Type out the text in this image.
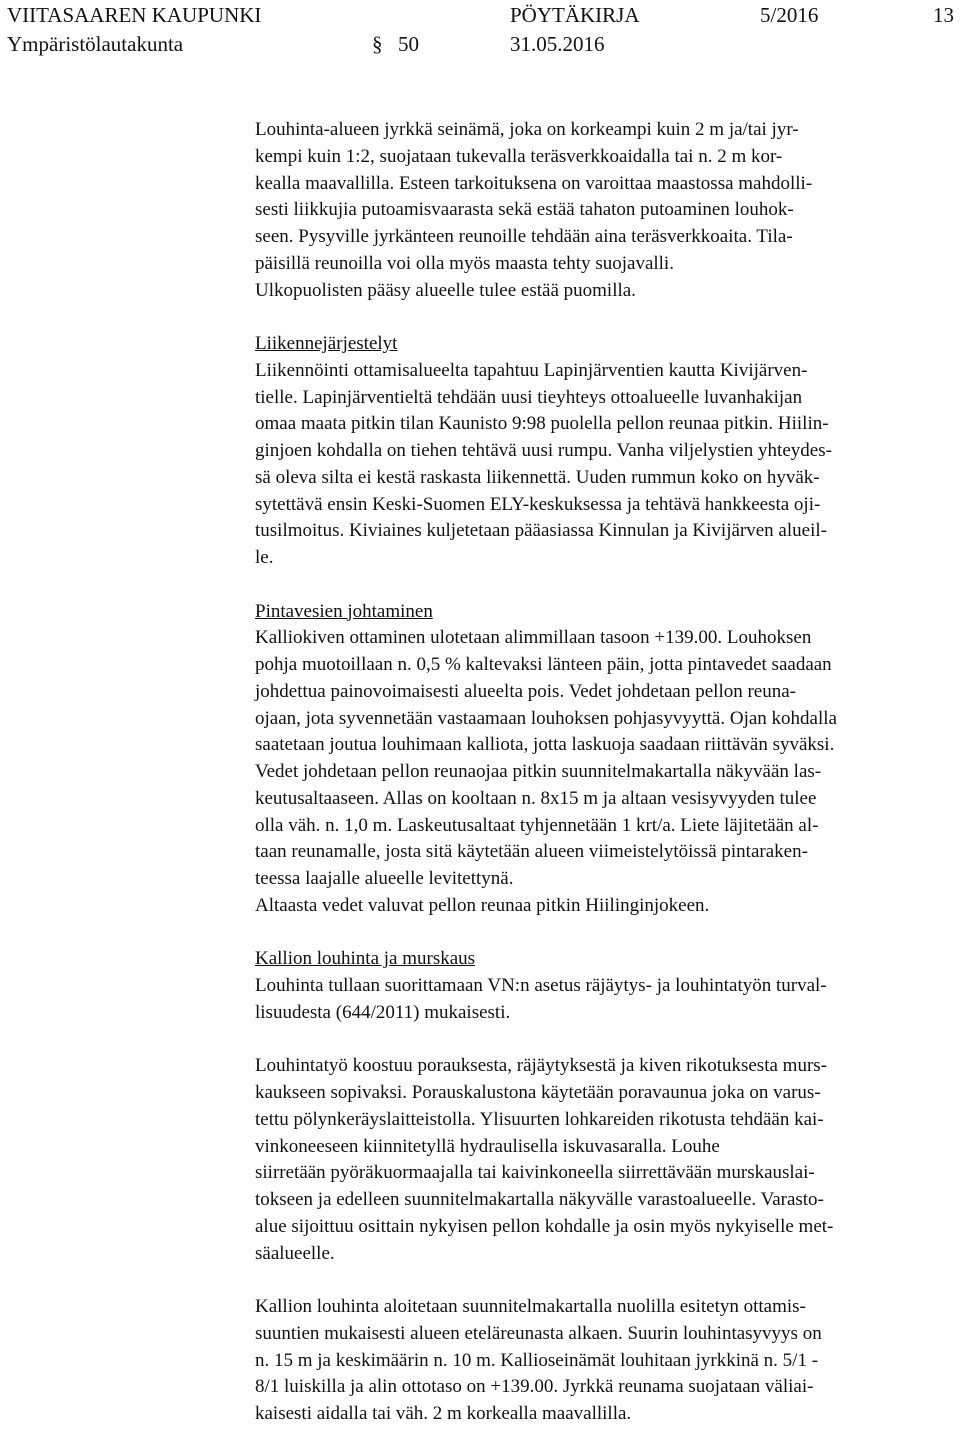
VIITASAAREN KAUPUNKI	PÖYTÄKIRJA	5/2016	13
Ympäristölautakunta	§ 50	31.05.2016
Louhinta-alueen jyrkkä seinämä, joka on korkeampi kuin 2 m ja/tai jyr-
kempi kuin 1:2, suojataan tukevalla teräsverkkoaidalla tai n. 2 m kor-
kealla maavallilla. Esteen tarkoituksena on varoittaa maastossa mahdolli-
sesti liikkujia putoamisvaarasta sekä estää tahaton putoaminen louhok-
seen. Pysyville jyrkänteen reunoille tehdään aina teräsverkkoaita. Tila-
päisillä reunoilla voi olla myös maasta tehty suojavalli.
Ulkopuolisten pääsy alueelle tulee estää puomilla.
Liikennejärjestelyt
Liikennöinti ottamisalueelta tapahtuu Lapinjärventien kautta Kivijärven-
tielle. Lapinjärventieltä tehdään uusi tieyhteys ottoalueelle luvanhakijan
omaa maata pitkin tilan Kaunisto 9:98 puolella pellon reunaa pitkin. Hiilin-
ginjoen kohdalla on tiehen tehtävä uusi rumpu. Vanha viljelystien yhteydes-
sä oleva silta ei kestä raskasta liikennettä. Uuden rummun koko on hyväk-
sytettävä ensin Keski-Suomen ELY-keskuksessa ja tehtävä hankkeesta oji-
tusilmoitus. Kiviaines kuljetetaan pääasiassa Kinnulan ja Kivijärven alueil-
le.
Pintavesien johtaminen
Kalliokiven ottaminen ulotetaan alimmillaan tasoon +139.00. Louhoksen
pohja muotoillaan n. 0,5 % kaltevaksi länteen päin, jotta pintavedet saadaan
johdettua painovoimaisesti alueelta pois. Vedet johdetaan pellon reuna-
ojaan, jota syvennetään vastaamaan louhoksen pohjasyvyyttä. Ojan kohdalla
saatetaan joutua louhimaan kalliota, jotta laskuoja saadaan riittävän syväksi.
Vedet johdetaan pellon reunaojaa pitkin suunnitelmakartalla näkyvään las-
keutusaltaaseen. Allas on kooltaan n. 8x15 m ja altaan vesisyvyyden tulee
olla väh. n. 1,0 m. Laskeutusaltaat tyhjennetään 1 krt/a. Liete läjitetään al-
taan reunamalle, josta sitä käytetään alueen viimeistelytöissä pintaraken-
teessa laajalle alueelle levitettynä.
Altaasta vedet valuvat pellon reunaa pitkin Hiilinginjokeen.
Kallion louhinta ja murskaus
Louhinta tullaan suorittamaan VN:n asetus räjäytys- ja louhintatyön turval-
lisuudesta (644/2011) mukaisesti.
Louhintatyö koostuu porauksesta, räjäytyksestä ja kiven rikotuksesta murs-
kaukseen sopivaksi. Porauskalustona käytetään poravaunua joka on varus-
tettu pölynkeräyslaitteistolla. Ylisuurten lohkareiden rikotusta tehdään kai-
vinkoneeseen kiinnitetyllä hydraulisella iskuvasaralla. Louhe
siirretään pyöräkuormaajalla tai kaivinkoneella siirrettävään murskauslai-
tokseen ja edelleen suunnitelmakartalla näkyvälle varastoalueelle. Varasto-
alue sijoittuu osittain nykyisen pellon kohdalle ja osin myös nykyiselle met-
säalueelle.
Kallion louhinta aloitetaan suunnitelmakartalla nuolilla esitetyn ottamis-
suuntien mukaisesti alueen eteläreunasta alkaen. Suurin louhintasyvyys on
n. 15 m ja keskimäärin n. 10 m. Kallioseinämät louhitaan jyrkkinä n. 5/1 -
8/1 luiskilla ja alin ottotaso on +139.00. Jyrkkä reunama suojataan väliai-
kaisesti aidalla tai väh. 2 m korkealla maavallilla.
